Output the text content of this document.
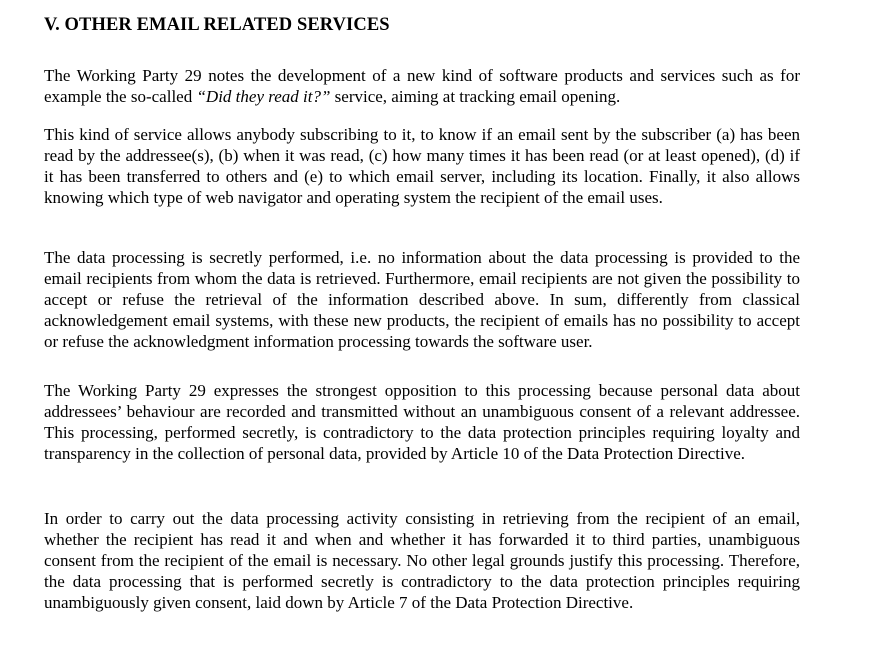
V. OTHER EMAIL RELATED SERVICES

The Working Party 29 notes the development of a new kind of software products and services such as for example the so-called “Did they read it?” service, aiming at tracking email opening.

This kind of service allows anybody subscribing to it, to know if an email sent by the subscriber (a) has been read by the addressee(s), (b) when it was read, (c) how many times it has been read (or at least opened), (d) if it has been transferred to others and (e) to which email server, including its location. Finally, it also allows knowing which type of web navigator and operating system the recipient of the email uses.

The data processing is secretly performed, i.e. no information about the data processing is provided to the email recipients from whom the data is retrieved. Furthermore, email recipients are not given the possibility to accept or refuse the retrieval of the information described above. In sum, differently from classical acknowledgement email systems, with these new products, the recipient of emails has no possibility to accept or refuse the acknowledgment information processing towards the software user.

The Working Party 29 expresses the strongest opposition to this processing because personal data about addressees’ behaviour are recorded and transmitted without an unambiguous consent of a relevant addressee. This processing, performed secretly, is contradictory to the data protection principles requiring loyalty and transparency in the collection of personal data, provided by Article 10 of the Data Protection Directive.

In order to carry out the data processing activity consisting in retrieving from the recipient of an email, whether the recipient has read it and when and whether it has forwarded it to third parties, unambiguous consent from the recipient of the email is necessary. No other legal grounds justify this processing. Therefore, the data processing that is performed secretly is contradictory to the data protection principles requiring unambiguously given consent, laid down by Article 7 of the Data Protection Directive.
